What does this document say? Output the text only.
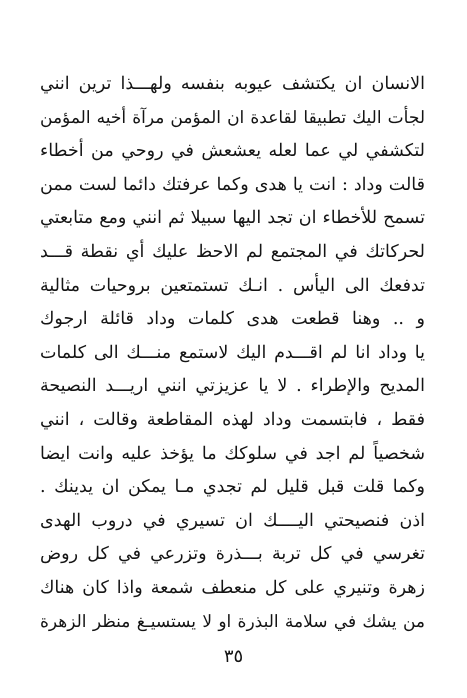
الانسان ان يكتشف عيوبه بنفسه ولهـــذا ترين انني
لجأت اليك تطبيقا لقاعدة ان المؤمن مرآة أخيه المؤمن
لتكشفي لي عما لعله يعشعش في روحي من أخطاء
قالت وداد : انت يا هدى وكما عرفتك دائما لست ممن
تسمح للأخطاء ان تجد اليها سبيلا ثم انني ومع متابعتي
لحركاتك في المجتمع لم الاحظ عليك أي نقطة قـــد
تدفعك الى اليأس . انـك تستمتعين بروحيات مثالية
و .. وهنا قطعت هدى كلمات وداد قائلة ارجوك
يا وداد انا لم اقـــدم اليك لاستمع منـــك الى كلمات
المديح والإطراء . لا يا عزيزتي انني اريـــد النصيحة
فقط ، فابتسمت وداد لهذه المقاطعة وقالت ، انني
شخصياً لم اجد في سلوكك ما يؤخذ عليه وانت ايضا
وكما قلت قبل قليل لم تجدي مـا يمكن ان يدينك .
اذن فنصيحتي اليــــك ان تسيري في دروب الهدى
تغرسي في كل تربة بـــذرة وتزرعي في كل روض
زهرة وتنيري على كل منعطف شمعة واذا كان هناك
من يشك في سلامة البذرة او لا يستسيـغ منظر الزهرة
٣٥
